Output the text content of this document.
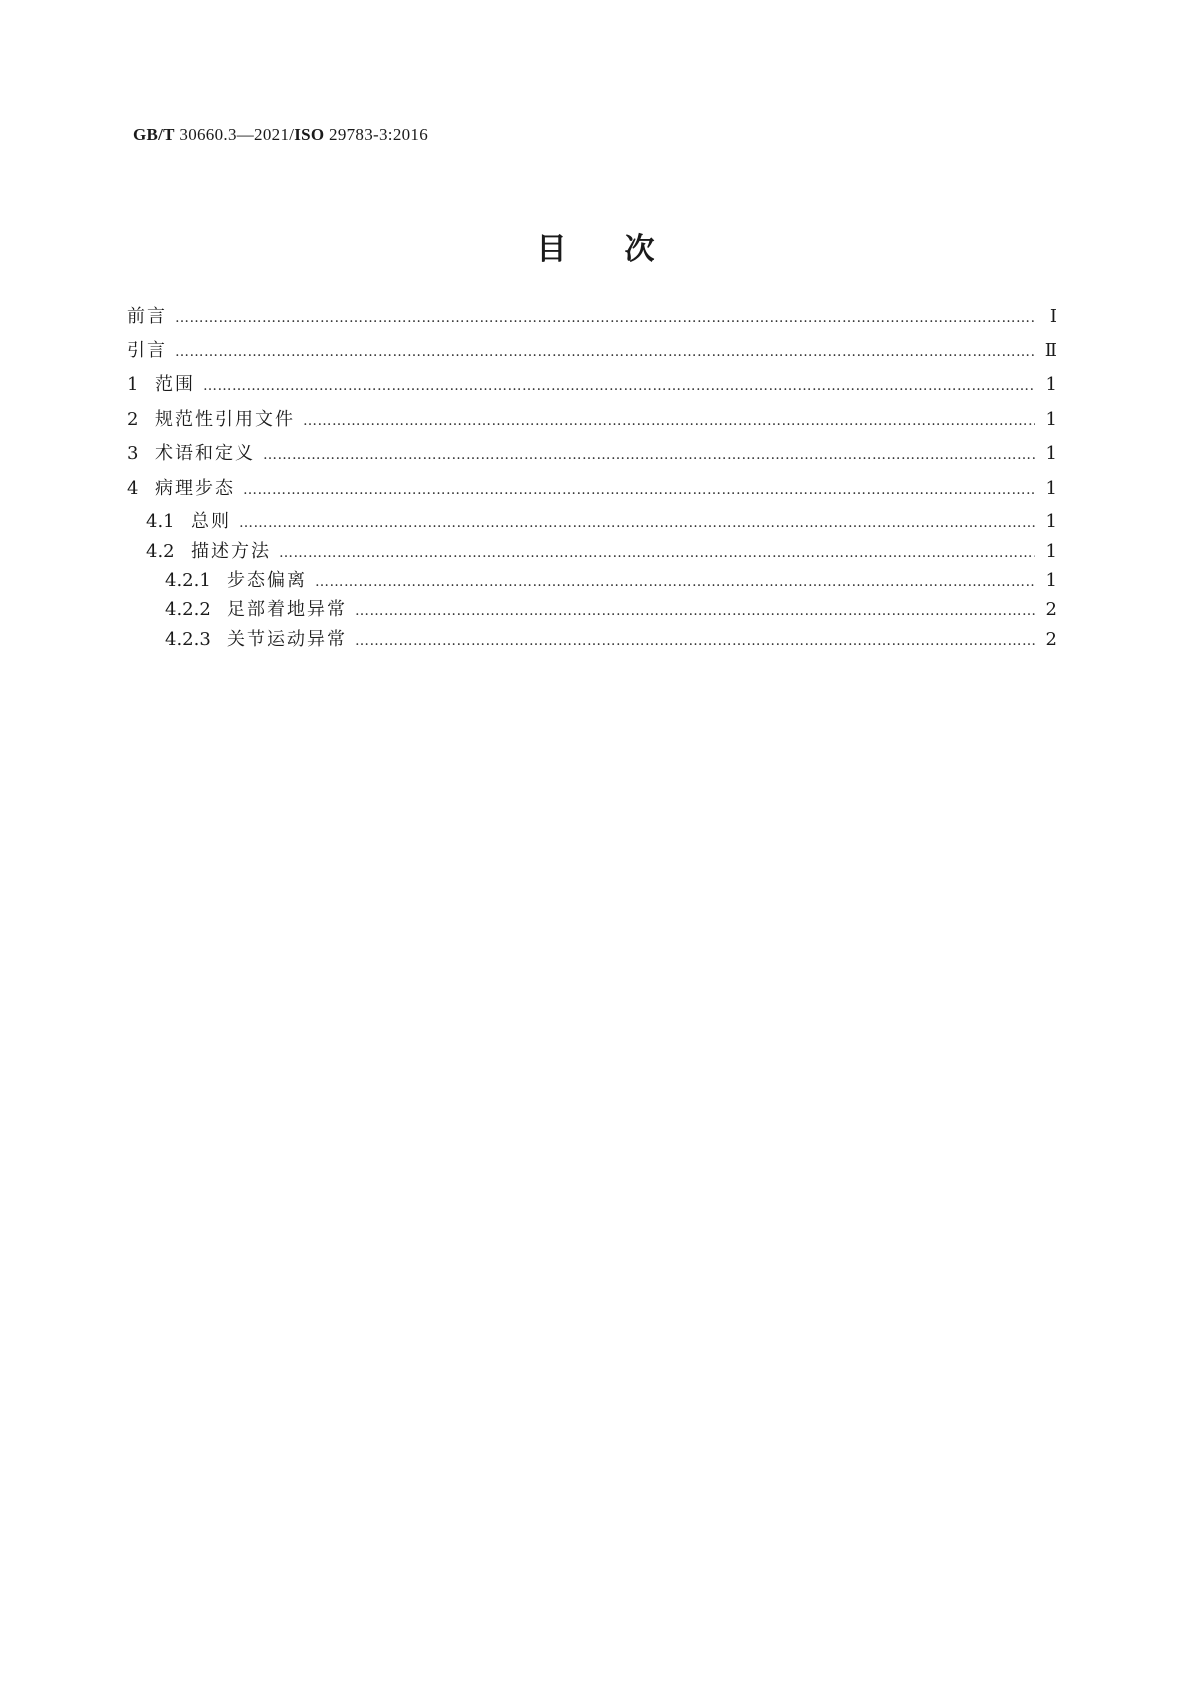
GB/T 30660.3—2021/ISO 29783-3:2016
目次
前言 ……………………………………………………………………………………………………………………………………………………………………………………………………	Ⅰ
引言 ……………………………………………………………………………………………………………………………………………………………………………………………………	Ⅱ
1 范围 ……………………………………………………………………………………………………………………………………………………………………………………………………	1
2 规范性引用文件 ……………………………………………………………………………………………………………………………………………………………………………………………………	1
3 术语和定义 ……………………………………………………………………………………………………………………………………………………………………………………………………	1
4 病理步态 ……………………………………………………………………………………………………………………………………………………………………………………………………	1
4.1 总则 ……………………………………………………………………………………………………………………………………………………………………………………………………	1
4.2 描述方法 ……………………………………………………………………………………………………………………………………………………………………………………………………	1
4.2.1 步态偏离 ……………………………………………………………………………………………………………………………………………………………………………………………………	1
4.2.2 足部着地异常 ……………………………………………………………………………………………………………………………………………………………………………………………………	2
4.2.3 关节运动异常 ……………………………………………………………………………………………………………………………………………………………………………………………………	2
